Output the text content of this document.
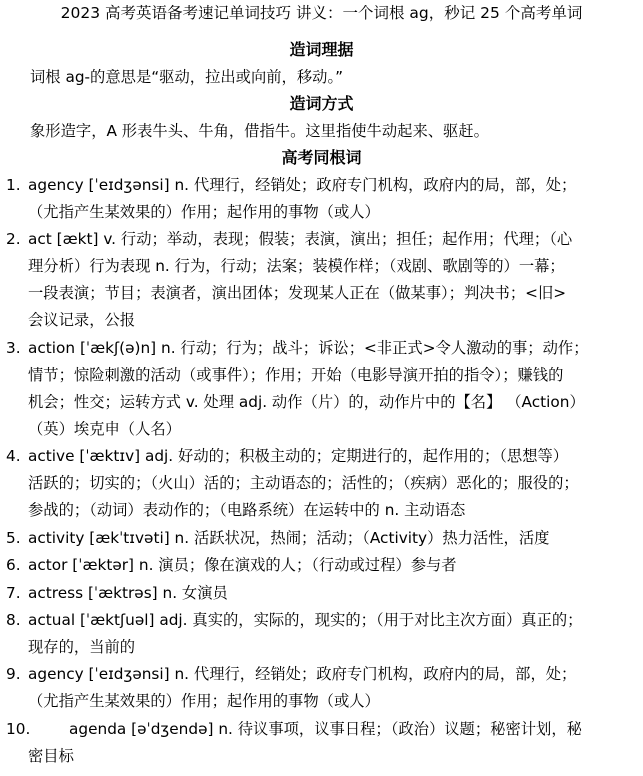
2023 高考英语备考速记单词技巧 讲义：一个词根 ag，秒记 25 个高考单词
造词理据
词根 ag-的意思是“驱动，拉出或向前，移动。”
造词方式
象形造字，A 形表牛头、牛角，借指牛。这里指使牛动起来、驱赶。
高考同根词
1. agency [ˈeɪdʒənsi] n. 代理行，经销处；政府专门机构，政府内的局，部，处；
（尤指产生某效果的）作用；起作用的事物（或人）
2. act [ækt] v. 行动；举动，表现；假装；表演，演出；担任；起作用；代理；（心
理分析）行为表现 n. 行为，行动；法案；装模作样；（戏剧、歌剧等的）一幕；
一段表演；节目；表演者，演出团体；发现某人正在（做某事）；判决书；<旧>
会议记录，公报
3. action [ˈækʃ(ə)n] n. 行动；行为；战斗；诉讼；<非正式>令人激动的事；动作；
情节；惊险刺激的活动（或事件）；作用；开始（电影导演开拍的指令）；赚钱的
机会；性交；运转方式 v. 处理 adj. 动作（片）的，动作片中的【名】 （Action）
（英）埃克申（人名）
4. active [ˈæktɪv] adj. 好动的；积极主动的；定期进行的，起作用的；（思想等）
活跃的；切实的；（火山）活的；主动语态的；活性的；（疾病）恶化的；服役的；
参战的；（动词）表动作的；（电路系统）在运转中的 n. 主动语态
5. activity [ækˈtɪvəti] n. 活跃状况，热闹；活动；（Activity）热力活性，活度
6. actor [ˈæktər] n. 演员；像在演戏的人；（行动或过程）参与者
7. actress [ˈæktrəs] n. 女演员
8. actual [ˈæktʃuəl] adj. 真实的，实际的，现实的；（用于对比主次方面）真正的；
现存的，当前的
9. agency [ˈeɪdʒənsi] n. 代理行，经销处；政府专门机构，政府内的局，部，处；
（尤指产生某效果的）作用；起作用的事物（或人）
10.	agenda [əˈdʒendə] n. 待议事项，议事日程；（政治）议题；秘密计划，秘
密目标
